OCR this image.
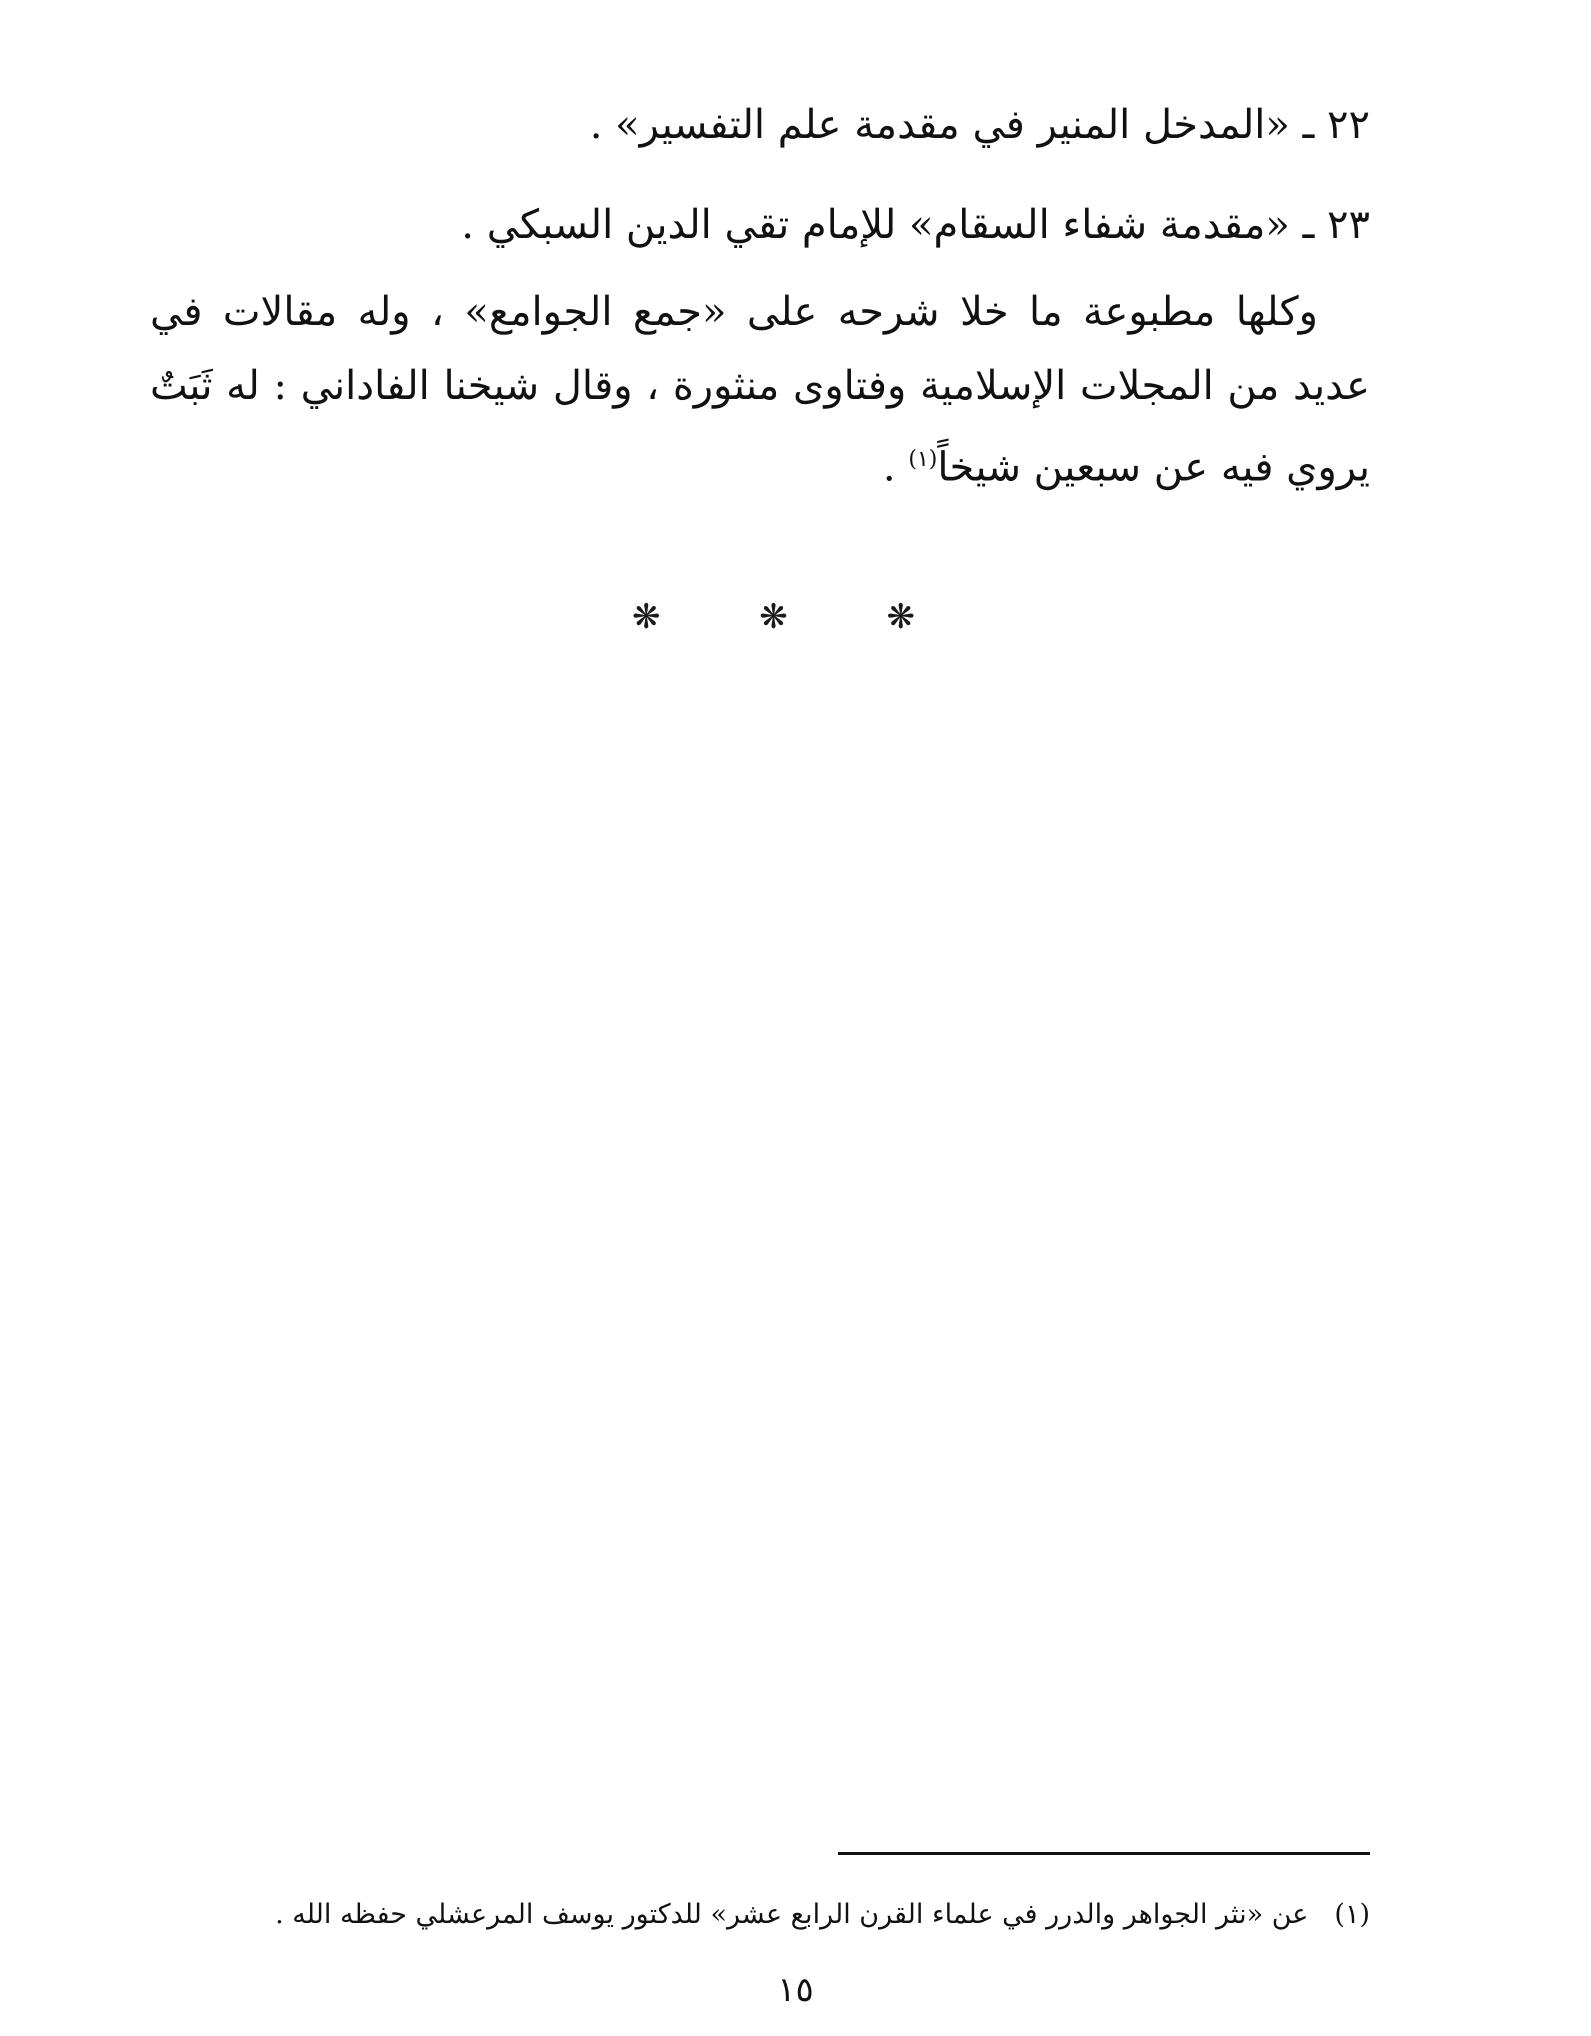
٢٢ ـ «المدخل المنير في مقدمة علم التفسير» .
٢٣ ـ «مقدمة شفاء السقام» للإمام تقي الدين السبكي .
وكلها مطبوعة ما خلا شرحه على «جمع الجوامع» ، وله مقالات في
عديد من المجلات الإسلامية وفتاوى منثورة ، وقال شيخنا الفاداني : له ثَبَتٌ
يروي فيه عن سبعين شيخاً$^{(١)}$ .
❋ ❋ ❋
(١)عن «نثر الجواهر والدرر في علماء القرن الرابع عشر» للدكتور يوسف المرعشلي حفظه الله .
١٥
